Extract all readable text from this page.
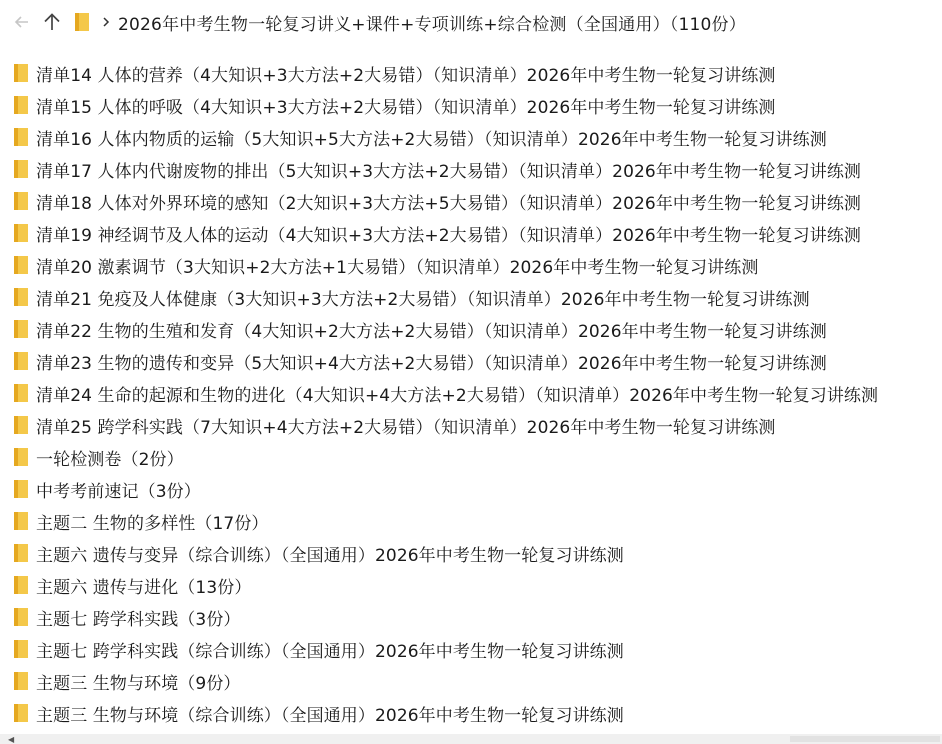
2026年中考生物一轮复习讲义+课件+专项训练+综合检测（全国通用）（110份）
清单14 人体的营养（4大知识+3大方法+2大易错）（知识清单）2026年中考生物一轮复习讲练测
清单15 人体的呼吸（4大知识+3大方法+2大易错）（知识清单）2026年中考生物一轮复习讲练测
清单16 人体内物质的运输（5大知识+5大方法+2大易错）（知识清单）2026年中考生物一轮复习讲练测
清单17 人体内代谢废物的排出（5大知识+3大方法+2大易错）（知识清单）2026年中考生物一轮复习讲练测
清单18 人体对外界环境的感知（2大知识+3大方法+5大易错）（知识清单）2026年中考生物一轮复习讲练测
清单19 神经调节及人体的运动（4大知识+3大方法+2大易错）（知识清单）2026年中考生物一轮复习讲练测
清单20 激素调节（3大知识+2大方法+1大易错）（知识清单）2026年中考生物一轮复习讲练测
清单21 免疫及人体健康（3大知识+3大方法+2大易错）（知识清单）2026年中考生物一轮复习讲练测
清单22 生物的生殖和发育（4大知识+2大方法+2大易错）（知识清单）2026年中考生物一轮复习讲练测
清单23 生物的遗传和变异（5大知识+4大方法+2大易错）（知识清单）2026年中考生物一轮复习讲练测
清单24 生命的起源和生物的进化（4大知识+4大方法+2大易错）（知识清单）2026年中考生物一轮复习讲练测
清单25 跨学科实践（7大知识+4大方法+2大易错）（知识清单）2026年中考生物一轮复习讲练测
一轮检测卷（2份）
中考考前速记（3份）
主题二 生物的多样性（17份）
主题六 遗传与变异（综合训练）（全国通用）2026年中考生物一轮复习讲练测
主题六 遗传与进化（13份）
主题七 跨学科实践（3份）
主题七 跨学科实践（综合训练）（全国通用）2026年中考生物一轮复习讲练测
主题三 生物与环境（9份）
主题三 生物与环境（综合训练）（全国通用）2026年中考生物一轮复习讲练测
◀
